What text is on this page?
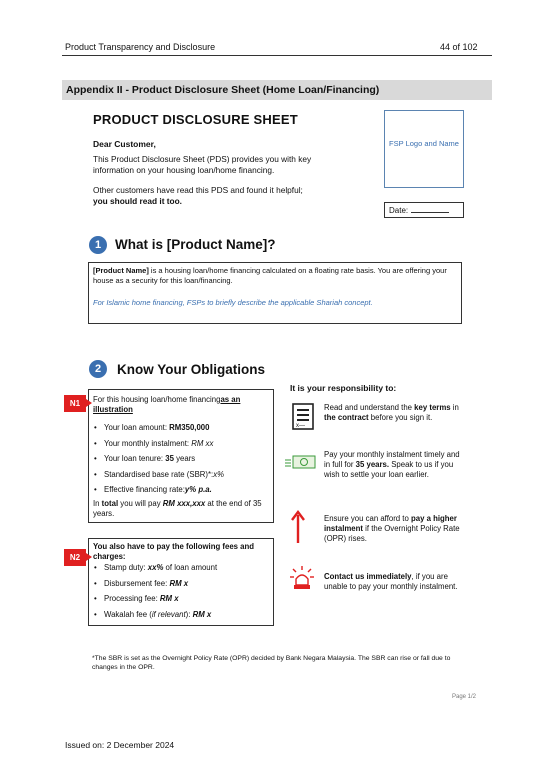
Product Transparency and Disclosure	44 of 102
Appendix II - Product Disclosure Sheet (Home Loan/Financing)
PRODUCT DISCLOSURE SHEET
Dear Customer,
This Product Disclosure Sheet (PDS) provides you with key information on your housing loan/home financing.
Other customers have read this PDS and found it helpful;
you should read it too.
FSP Logo and Name
Date:
1	What is [Product Name]?
[Product Name] is a housing loan/home financing calculated on a floating rate basis. You are offering your house as a security for this loan/financing.
For Islamic home financing, FSPs to briefly describe the applicable Shariah concept.
2	Know Your Obligations
N1	For this housing loan/home financingas an illustration
• Your loan amount: RM350,000
• Your monthly instalment: RM xx
• Your loan tenure: 35 years
• Standardised base rate (SBR)*:x%
• Effective financing rate:y% p.a.
In total you will pay RM xxx,xxx at the end of 35 years.
N2
You also have to pay the following fees and charges:
• Stamp duty: xx% of loan amount
• Disbursement fee: RM x
• Processing fee: RM x
• Wakalah fee (if relevant): RM x
It is your responsibility to:
x—
Read and understand the key terms in the contract before you sign it.
Pay your monthly instalment timely and in full for 35 years. Speak to us if you wish to settle your loan earlier.
Ensure you can afford to pay a higher instalment if the Overnight Policy Rate (OPR) rises.
Contact us immediately, if you are unable to pay your monthly instalment.
*The SBR is set as the Overnight Policy Rate (OPR) decided by Bank Negara Malaysia. The SBR can rise or fall due to changes in the OPR.
Page 1/2
Issued on: 2 December 2024
